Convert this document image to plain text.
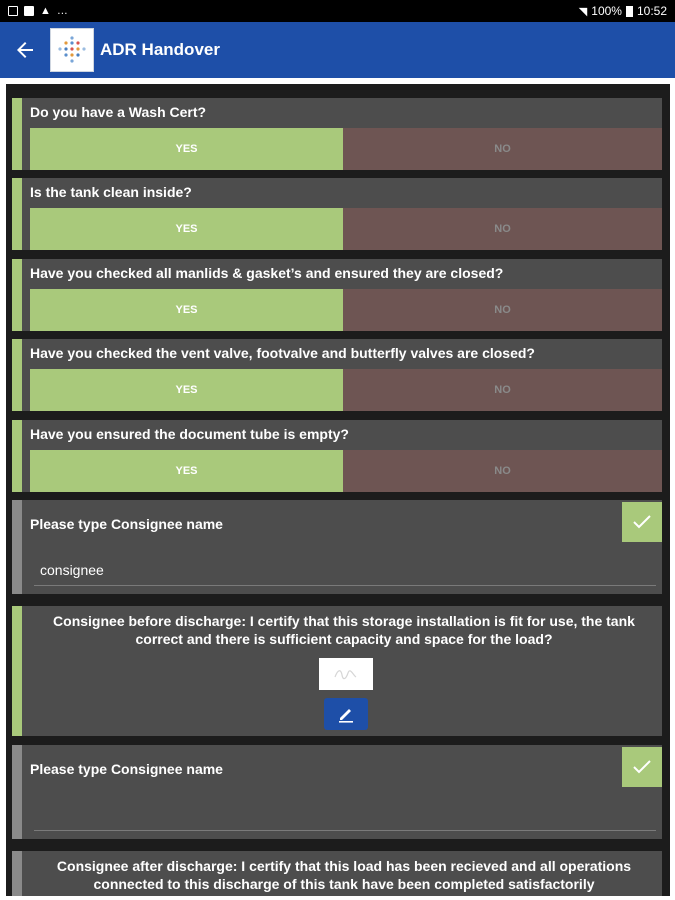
▲ …	◥ 100% 10:52
ADR Handover
Do you have a Wash Cert?
YES	NO
Is the tank clean inside?
YES	NO
Have you checked all manlids & gasket’s and ensured they are closed?
YES	NO
Have you checked the vent valve, footvalve and butterfly valves are closed?
YES	NO
Have you ensured the document tube is empty?
YES	NO
Please type Consignee name
consignee
Consignee before discharge: I certify that this storage installation is fit for use, the tank
correct and there is sufficient capacity and space for the load?
Please type Consignee name
Consignee after discharge: I certify that this load has been recieved and all operations
connected to this discharge of this tank have been completed satisfactorily
